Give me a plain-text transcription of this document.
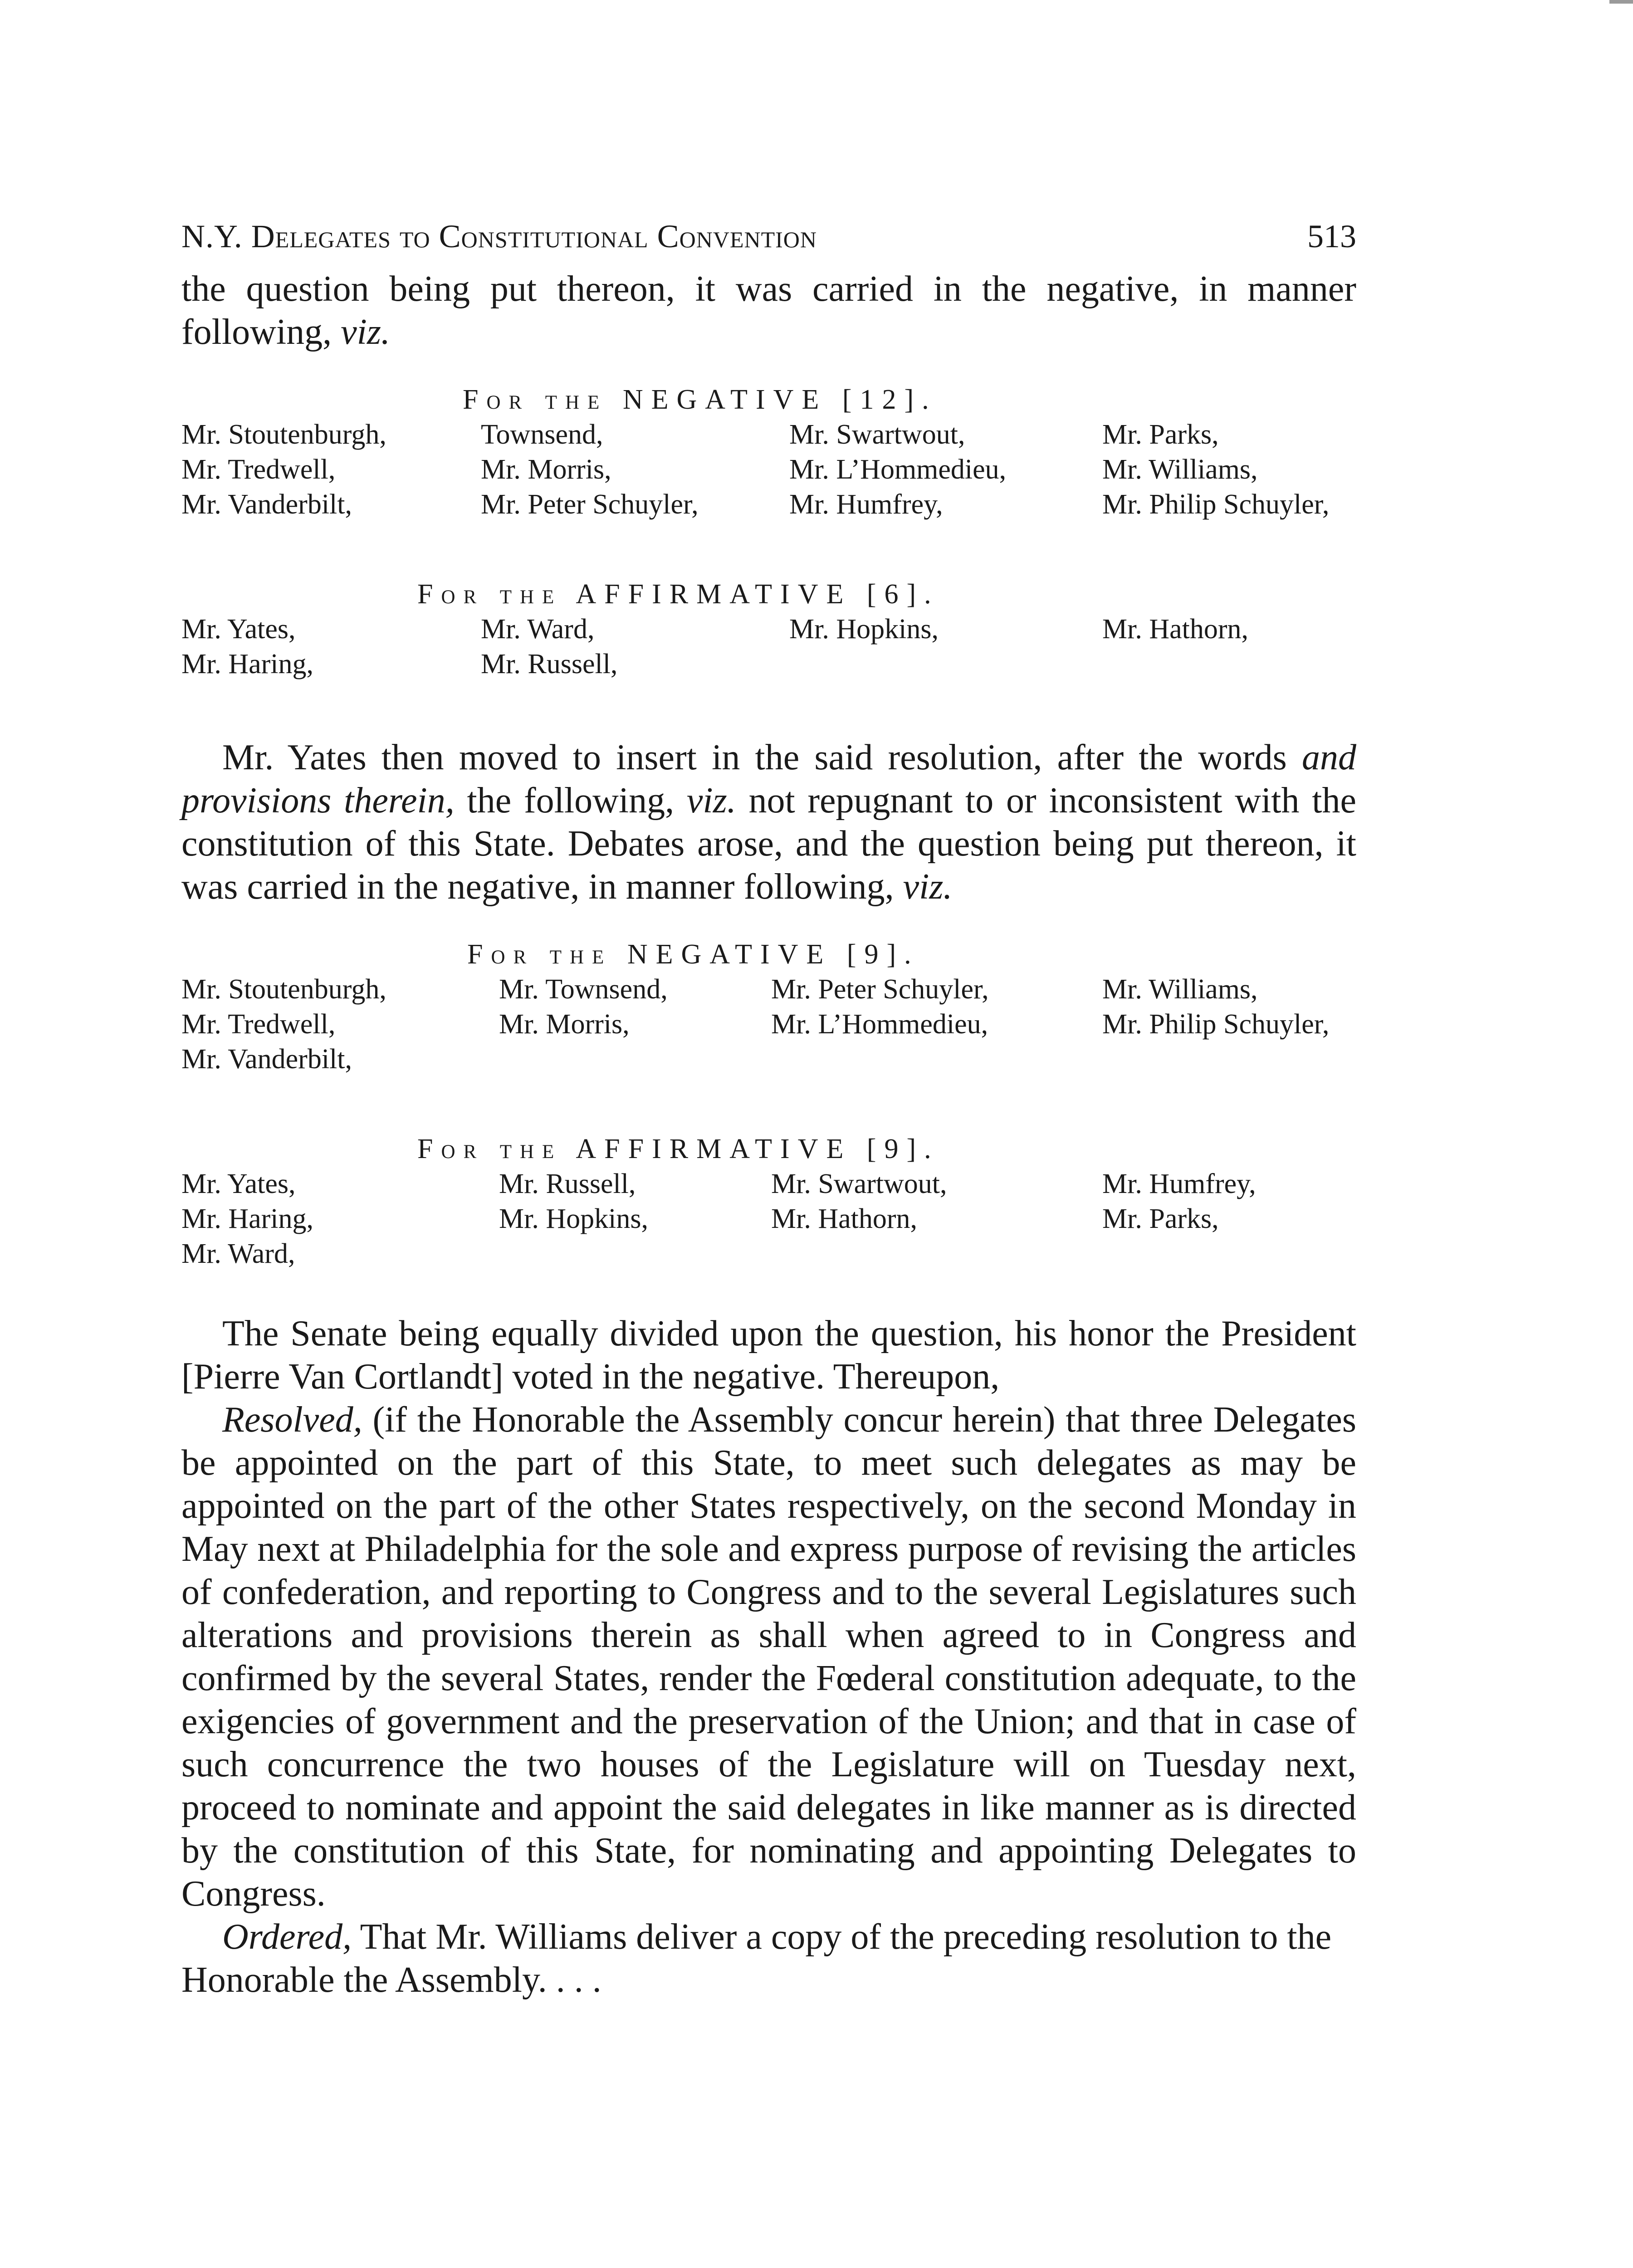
N.Y. Delegates to Constitutional Convention	513

the question being put thereon, it was carried in the negative, in manner following, viz.

For the NEGATIVE [12].
Mr. Stoutenburgh,	Townsend,	Mr. Swartwout,	Mr. Parks,
Mr. Tredwell,	Mr. Morris,	Mr. L’Hommedieu,	Mr. Williams,
Mr. Vanderbilt,	Mr. Peter Schuyler,	Mr. Humfrey,	Mr. Philip Schuyler,
For the AFFIRMATIVE [6].
Mr. Yates,	Mr. Ward,	Mr. Hopkins,	Mr. Hathorn,
Mr. Haring,	Mr. Russell,

Mr. Yates then moved to insert in the said resolution, after the words and provisions therein, the following, viz. not repugnant to or inconsistent with the constitution of this State. Debates arose, and the question being put thereon, it was carried in the negative, in manner following, viz.

For the NEGATIVE [9].
Mr. Stoutenburgh,	Mr. Townsend,	Mr. Peter Schuyler,	Mr. Williams,
Mr. Tredwell,	Mr. Morris,	Mr. L’Hommedieu,	Mr. Philip Schuyler,
Mr. Vanderbilt,
For the AFFIRMATIVE [9].
Mr. Yates,	Mr. Russell,	Mr. Swartwout,	Mr. Humfrey,
Mr. Haring,	Mr. Hopkins,	Mr. Hathorn,	Mr. Parks,
Mr. Ward,

The Senate being equally divided upon the question, his honor the President [Pierre Van Cortlandt] voted in the negative. Thereupon,

Resolved, (if the Honorable the Assembly concur herein) that three Delegates be appointed on the part of this State, to meet such delegates as may be appointed on the part of the other States respectively, on the second Monday in May next at Philadelphia for the sole and express purpose of revising the articles of confederation, and reporting to Congress and to the several Legislatures such alterations and provisions therein as shall when agreed to in Congress and confirmed by the several States, render the Fœderal constitution adequate, to the exigencies of government and the preservation of the Union; and that in case of such concurrence the two houses of the Legislature will on Tuesday next, proceed to nominate and appoint the said delegates in like manner as is directed by the constitution of this State, for nominating and appointing Delegates to Congress.

Ordered, That Mr. Williams deliver a copy of the preceding resolution to the Honorable the Assembly. . . .
